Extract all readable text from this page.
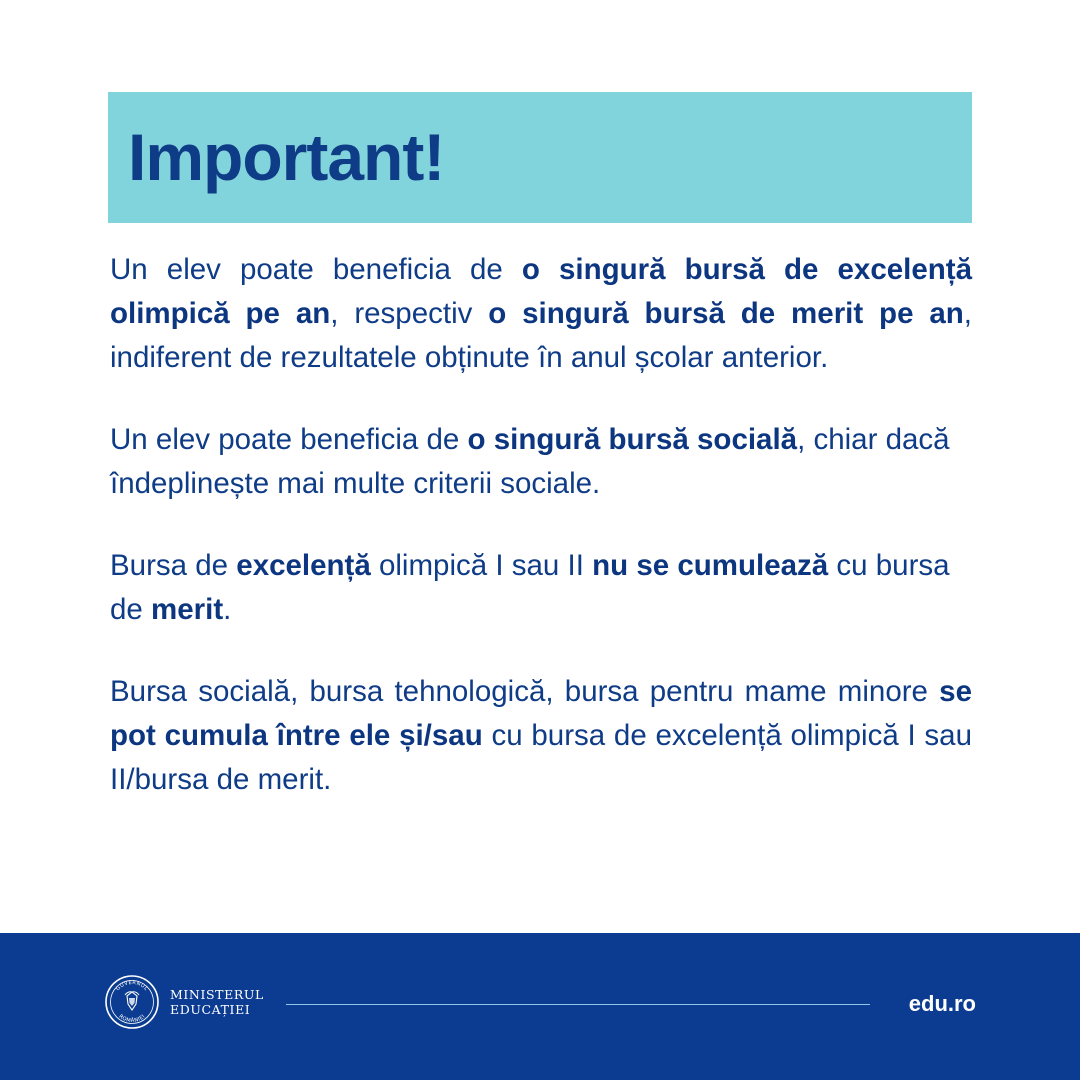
Important!

Un elev poate beneficia de o singură bursă de excelență olimpică pe an, respectiv o singură bursă de merit pe an, indiferent de rezultatele obținute în anul școlar anterior.

Un elev poate beneficia de o singură bursă socială, chiar dacă îndeplinește mai multe criterii sociale.

Bursa de excelență olimpică I sau II nu se cumulează cu bursa de merit.

Bursa socială, bursa tehnologică, bursa pentru mame minore se pot cumula între ele și/sau cu bursa de excelență olimpică I sau II/bursa de merit.

GUVERNUL
ROMÂNIEI
MINISTERUL
EDUCAȚIEI	edu.ro
